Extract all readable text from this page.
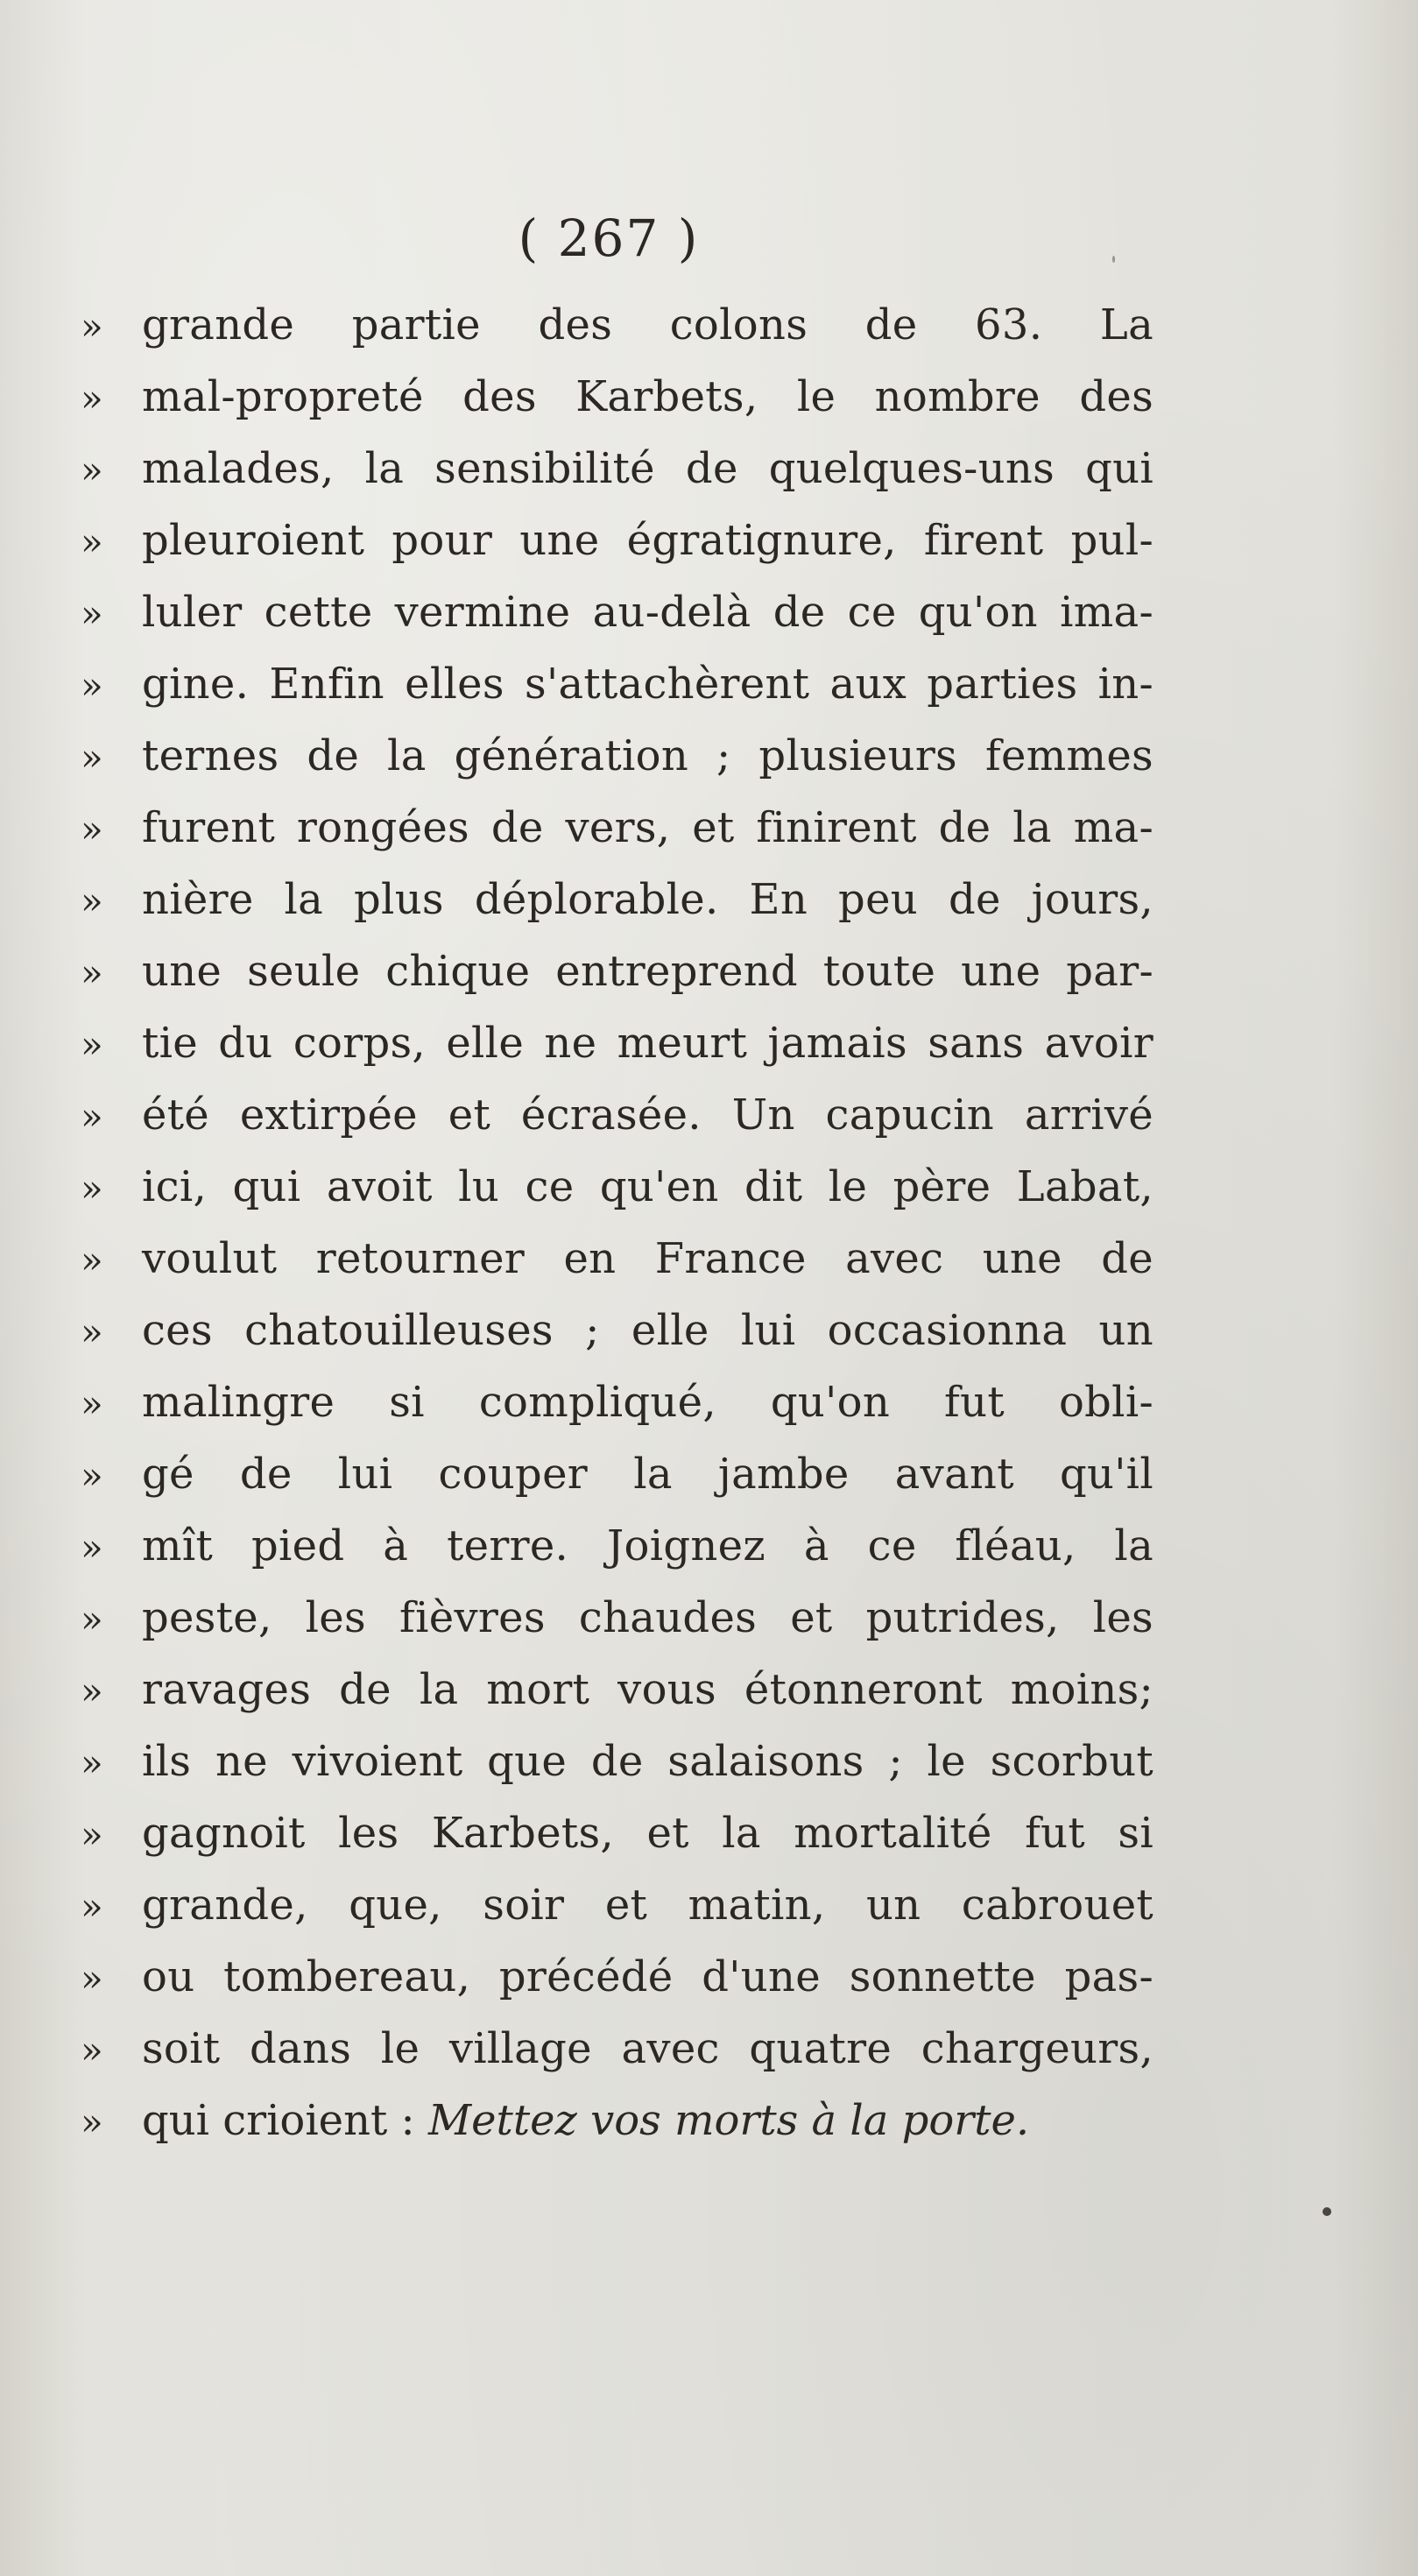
( 267 )
» grande partie des colons de 63. La
» mal-propreté des Karbets, le nombre des
» malades, la sensibilité de quelques-uns qui
» pleuroient pour une égratignure, firent pul-
» luler cette vermine au-delà de ce qu'on ima-
» gine. Enfin elles s'attachèrent aux parties in-
» ternes de la génération ; plusieurs femmes
» furent rongées de vers, et finirent de la ma-
» nière la plus déplorable. En peu de jours,
» une seule chique entreprend toute une par-
» tie du corps, elle ne meurt jamais sans avoir
» été extirpée et écrasée. Un capucin arrivé
» ici, qui avoit lu ce qu'en dit le père Labat,
» voulut retourner en France avec une de
» ces chatouilleuses ; elle lui occasionna un
» malingre si compliqué, qu'on fut obli-
» gé de lui couper la jambe avant qu'il
» mît pied à terre. Joignez à ce fléau, la
» peste, les fièvres chaudes et putrides, les
» ravages de la mort vous étonneront moins;
» ils ne vivoient que de salaisons ; le scorbut
» gagnoit les Karbets, et la mortalité fut si
» grande, que, soir et matin, un cabrouet
» ou tombereau, précédé d'une sonnette pas-
» soit dans le village avec quatre chargeurs,
» qui crioient : Mettez vos morts à la porte.
